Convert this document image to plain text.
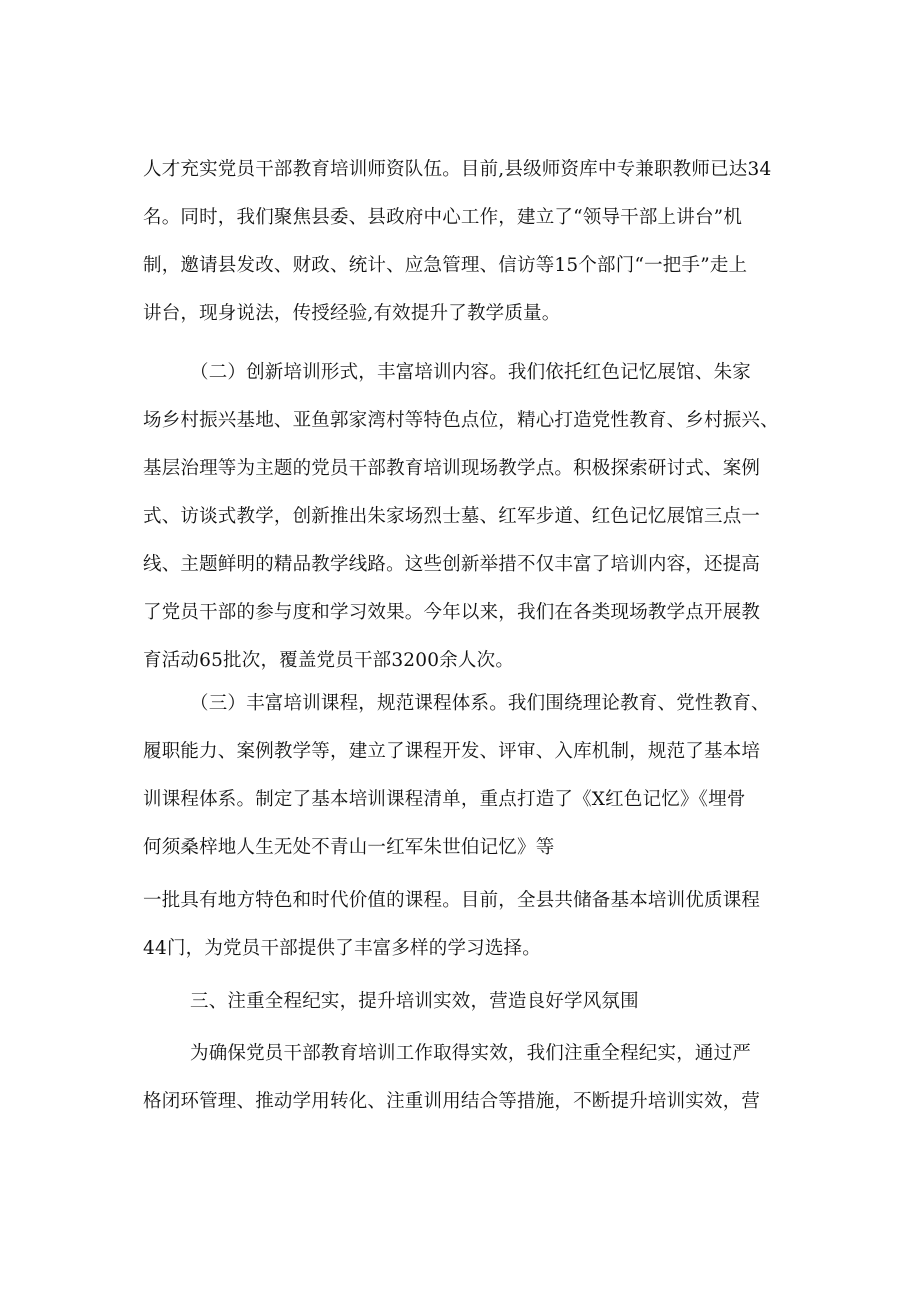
人才充实党员干部教育培训师资队伍。目前,县级师资库中专兼职教师已达34
名。同时，我们聚焦县委、县政府中心工作，建立了“领导干部上讲台”机
制，邀请县发改、财政、统计、应急管理、信访等15个部门“一把手”走上
讲台，现身说法，传授经验,有效提升了教学质量。
（二）创新培训形式，丰富培训内容。我们依托红色记忆展馆、朱家
场乡村振兴基地、亚鱼郭家湾村等特色点位，精心打造党性教育、乡村振兴、
基层治理等为主题的党员干部教育培训现场教学点。积极探索研讨式、案例
式、访谈式教学，创新推出朱家场烈士墓、红军步道、红色记忆展馆三点一
线、主题鲜明的精品教学线路。这些创新举措不仅丰富了培训内容，还提高
了党员干部的参与度和学习效果。今年以来，我们在各类现场教学点开展教
育活动65批次，覆盖党员干部3200余人次。
（三）丰富培训课程，规范课程体系。我们围绕理论教育、党性教育、
履职能力、案例教学等，建立了课程开发、评审、入库机制，规范了基本培
训课程体系。制定了基本培训课程清单，重点打造了《X红色记忆》《埋骨
何须桑梓地人生无处不青山一红军朱世伯记忆》等
一批具有地方特色和时代价值的课程。目前，全县共储备基本培训优质课程
44门，为党员干部提供了丰富多样的学习选择。
三、注重全程纪实，提升培训实效，营造良好学风氛围
为确保党员干部教育培训工作取得实效，我们注重全程纪实，通过严
格闭环管理、推动学用转化、注重训用结合等措施，不断提升培训实效，营
